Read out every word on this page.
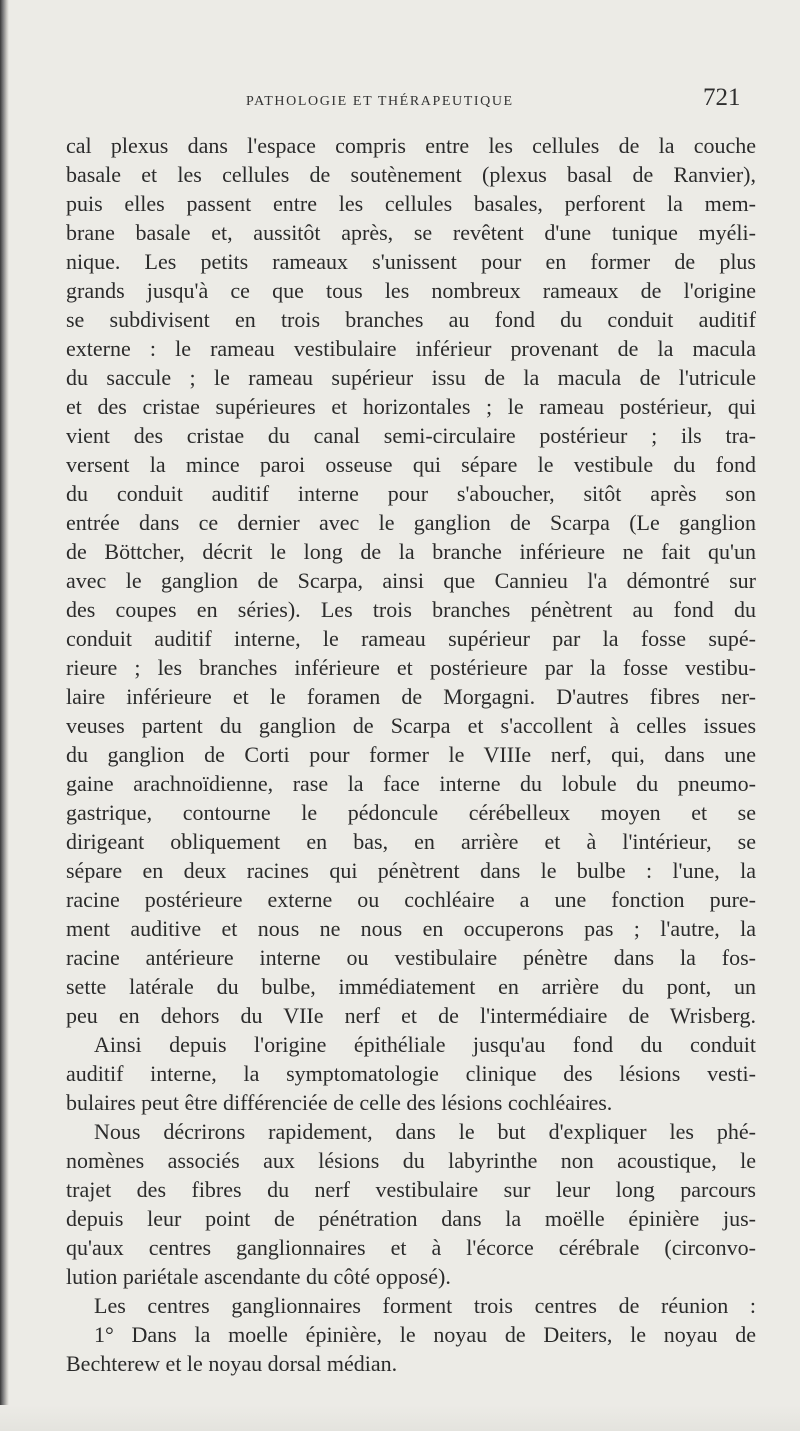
PATHOLOGIE ET THÉRAPEUTIQUE	721
cal plexus dans l'espace compris entre les cellules de la couche
basale et les cellules de soutènement (plexus basal de Ranvier),
puis elles passent entre les cellules basales, perforent la mem-
brane basale et, aussitôt après, se revêtent d'une tunique myéli-
nique. Les petits rameaux s'unissent pour en former de plus
grands jusqu'à ce que tous les nombreux rameaux de l'origine
se subdivisent en trois branches au fond du conduit auditif
externe : le rameau vestibulaire inférieur provenant de la macula
du saccule ; le rameau supérieur issu de la macula de l'utricule
et des cristae supérieures et horizontales ; le rameau postérieur, qui
vient des cristae du canal semi-circulaire postérieur ; ils tra-
versent la mince paroi osseuse qui sépare le vestibule du fond
du conduit auditif interne pour s'aboucher, sitôt après son
entrée dans ce dernier avec le ganglion de Scarpa (Le ganglion
de Böttcher, décrit le long de la branche inférieure ne fait qu'un
avec le ganglion de Scarpa, ainsi que Cannieu l'a démontré sur
des coupes en séries). Les trois branches pénètrent au fond du
conduit auditif interne, le rameau supérieur par la fosse supé-
rieure ; les branches inférieure et postérieure par la fosse vestibu-
laire inférieure et le foramen de Morgagni. D'autres fibres ner-
veuses partent du ganglion de Scarpa et s'accollent à celles issues
du ganglion de Corti pour former le VIIIe nerf, qui, dans une
gaine arachnoïdienne, rase la face interne du lobule du pneumo-
gastrique, contourne le pédoncule cérébelleux moyen et se
dirigeant obliquement en bas, en arrière et à l'intérieur, se
sépare en deux racines qui pénètrent dans le bulbe : l'une, la
racine postérieure externe ou cochléaire a une fonction pure-
ment auditive et nous ne nous en occuperons pas ; l'autre, la
racine antérieure interne ou vestibulaire pénètre dans la fos-
sette latérale du bulbe, immédiatement en arrière du pont, un
peu en dehors du VIIe nerf et de l'intermédiaire de Wrisberg.
Ainsi depuis l'origine épithéliale jusqu'au fond du conduit
auditif interne, la symptomatologie clinique des lésions vesti-
bulaires peut être différenciée de celle des lésions cochléaires.
Nous décrirons rapidement, dans le but d'expliquer les phé-
nomènes associés aux lésions du labyrinthe non acoustique, le
trajet des fibres du nerf vestibulaire sur leur long parcours
depuis leur point de pénétration dans la moëlle épinière jus-
qu'aux centres ganglionnaires et à l'écorce cérébrale (circonvo-
lution pariétale ascendante du côté opposé).
Les centres ganglionnaires forment trois centres de réunion :
1° Dans la moelle épinière, le noyau de Deiters, le noyau de
Bechterew et le noyau dorsal médian.
